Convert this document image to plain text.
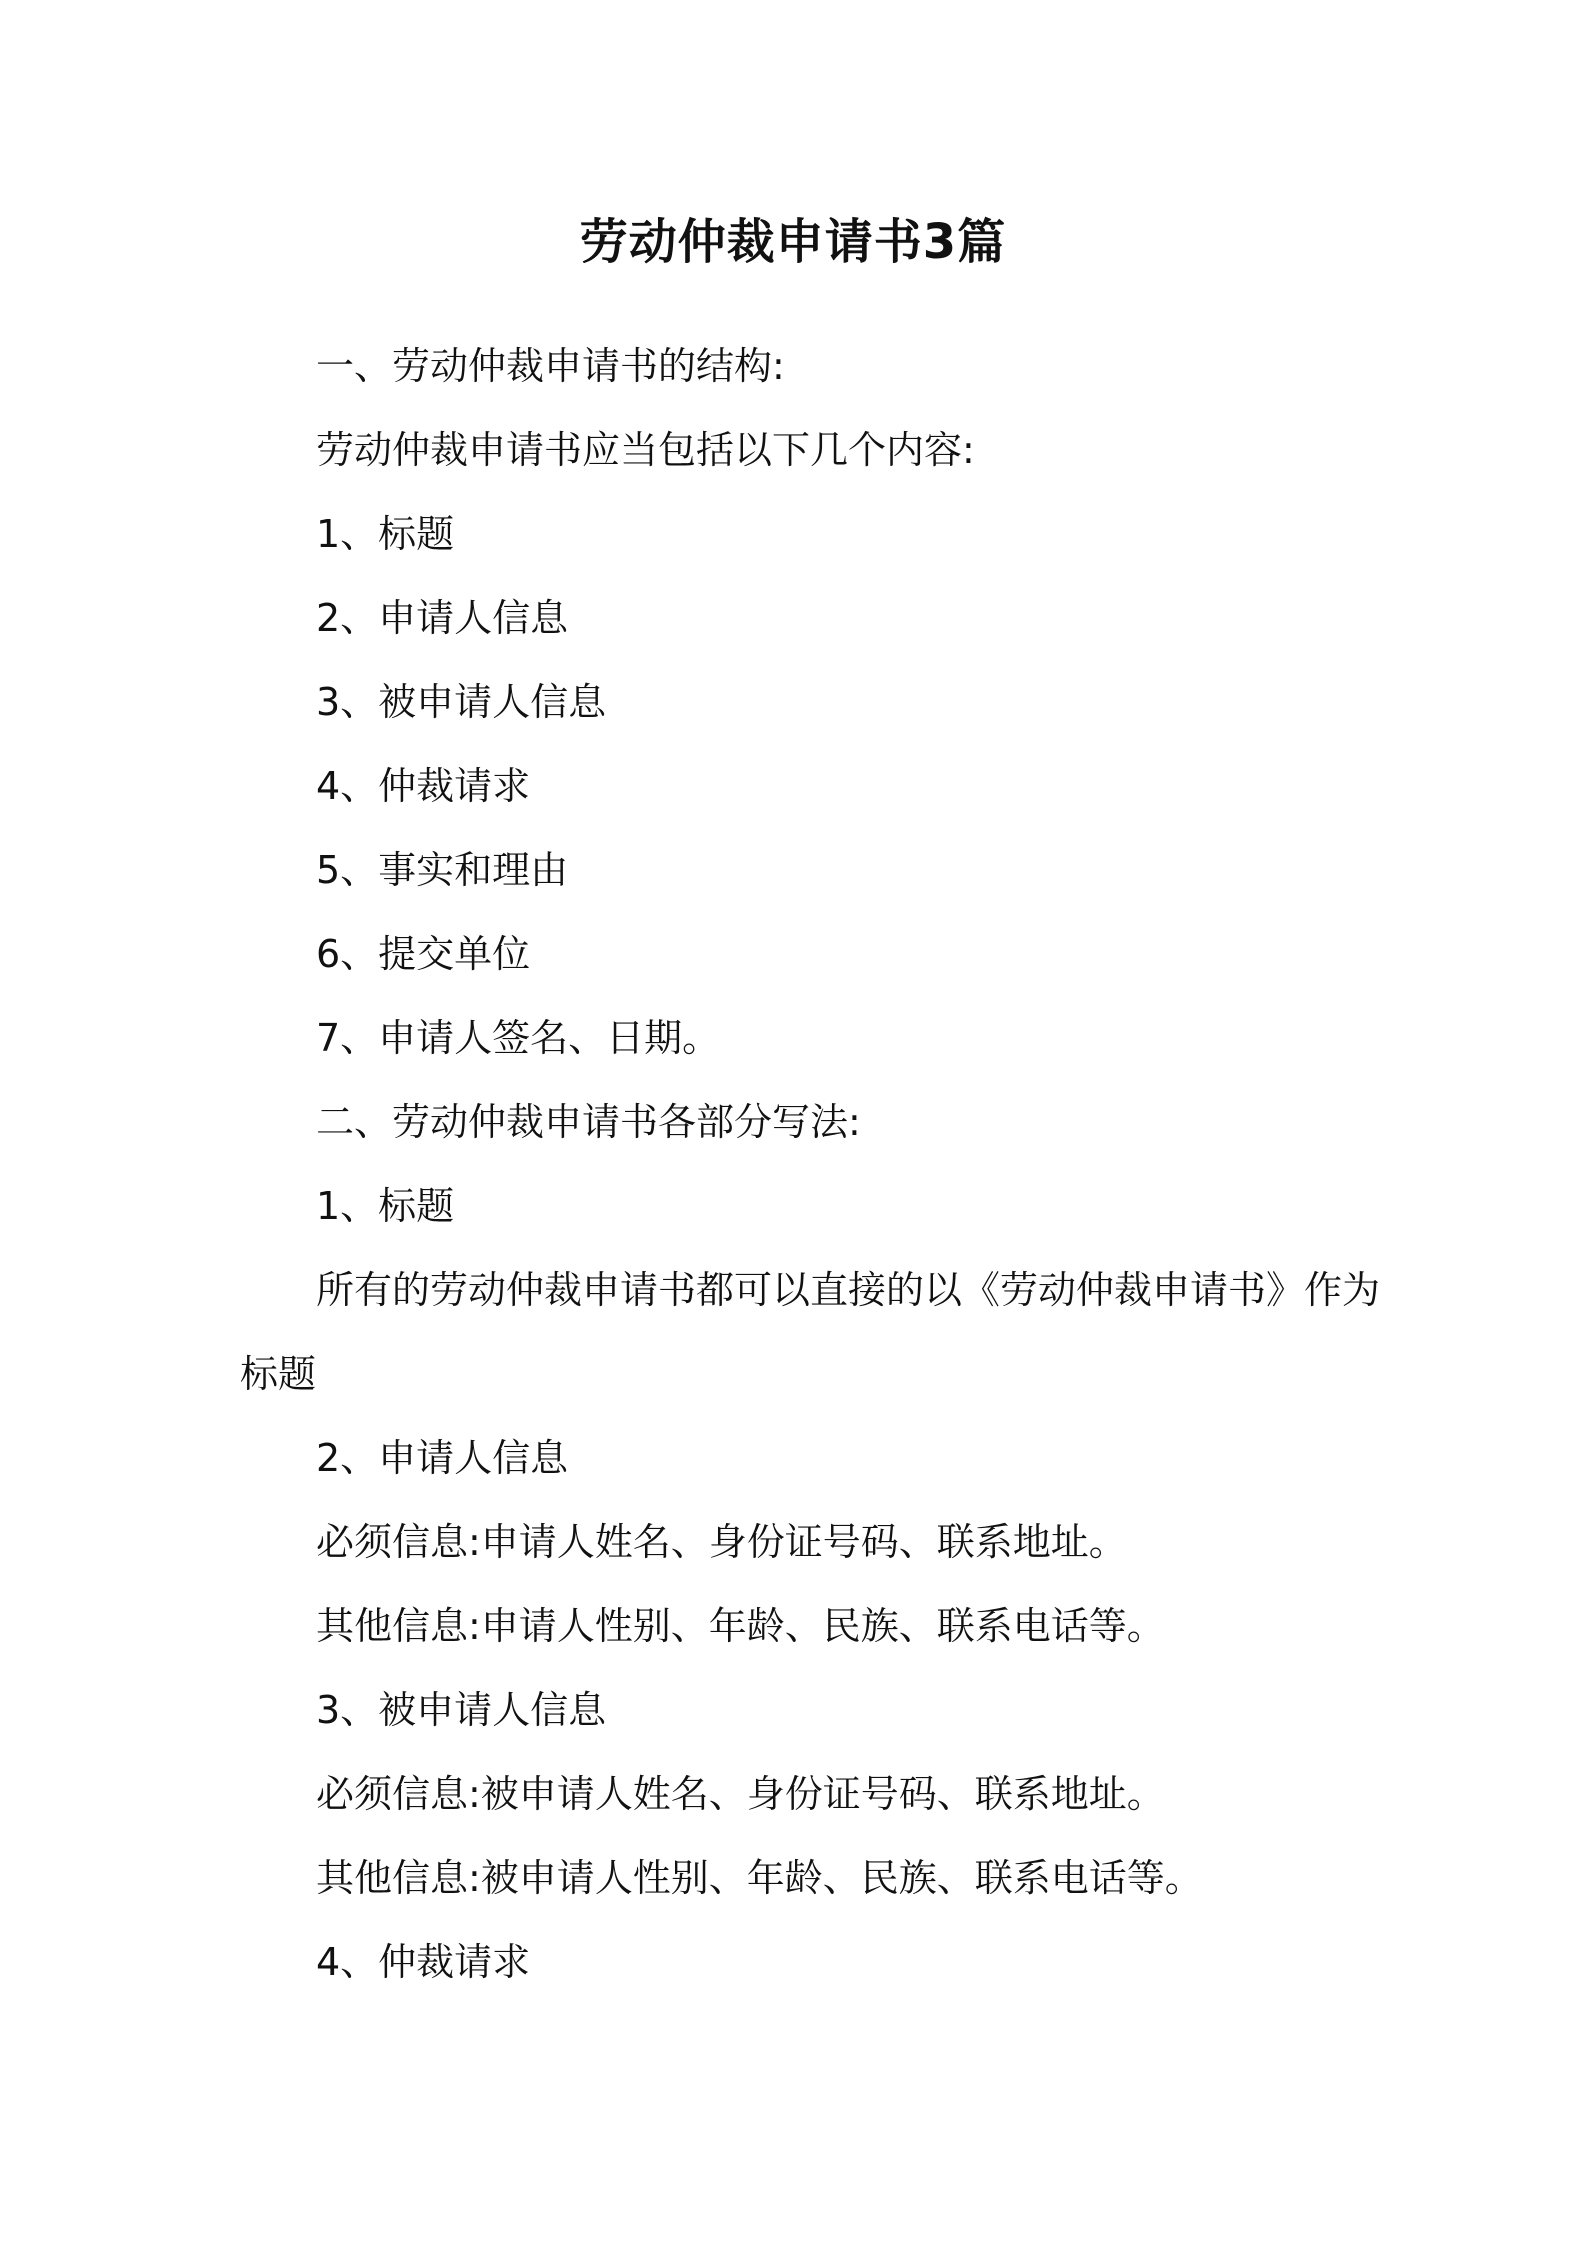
劳动仲裁申请书3篇
一、劳动仲裁申请书的结构:
劳动仲裁申请书应当包括以下几个内容:
1、标题
2、申请人信息
3、被申请人信息
4、仲裁请求
5、事实和理由
6、提交单位
7、申请人签名、日期。
二、劳动仲裁申请书各部分写法:
1、标题
所有的劳动仲裁申请书都可以直接的以《劳动仲裁申请书》作为
标题
2、申请人信息
必须信息:申请人姓名、身份证号码、联系地址。
其他信息:申请人性别、年龄、民族、联系电话等。
3、被申请人信息
必须信息:被申请人姓名、身份证号码、联系地址。
其他信息:被申请人性别、年龄、民族、联系电话等。
4、仲裁请求
